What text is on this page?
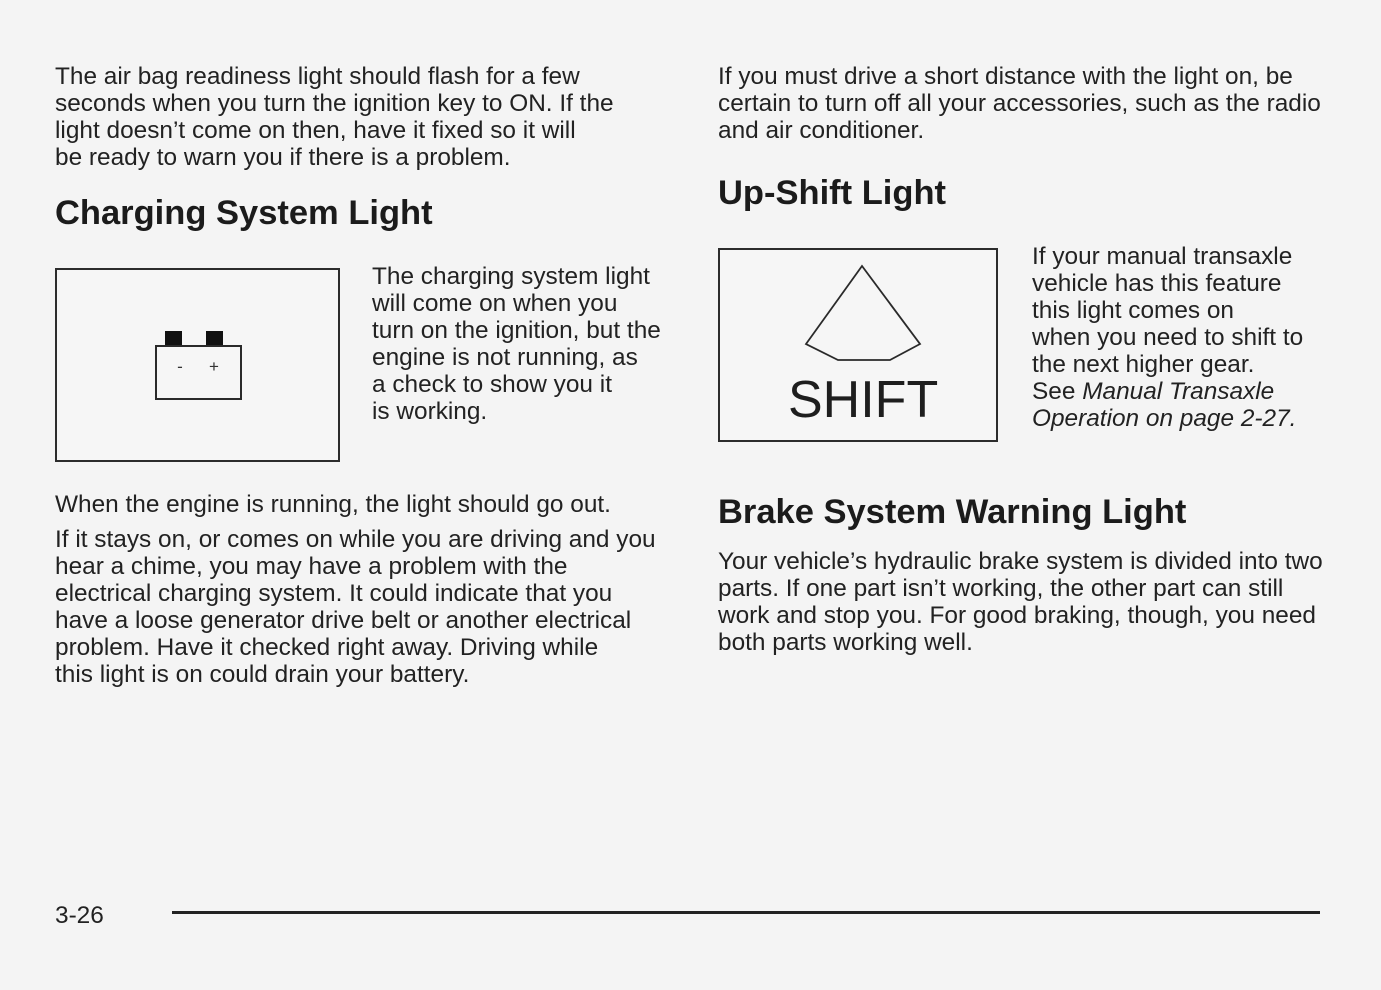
The air bag readiness light should flash for a few
seconds when you turn the ignition key to ON. If the
light doesn’t come on then, have it fixed so it will
be ready to warn you if there is a problem.
Charging System Light
- +
The charging system light
will come on when you
turn on the ignition, but the
engine is not running, as
a check to show you it
is working.
When the engine is running, the light should go out.
If it stays on, or comes on while you are driving and you
hear a chime, you may have a problem with the
electrical charging system. It could indicate that you
have a loose generator drive belt or another electrical
problem. Have it checked right away. Driving while
this light is on could drain your battery.
If you must drive a short distance with the light on, be
certain to turn off all your accessories, such as the radio
and air conditioner.
Up-Shift Light
SHIFT
If your manual transaxle
vehicle has this feature
this light comes on
when you need to shift to
the next higher gear.
See Manual Transaxle
Operation on page 2-27.
Brake System Warning Light
Your vehicle’s hydraulic brake system is divided into two
parts. If one part isn’t working, the other part can still
work and stop you. For good braking, though, you need
both parts working well.
3-26
